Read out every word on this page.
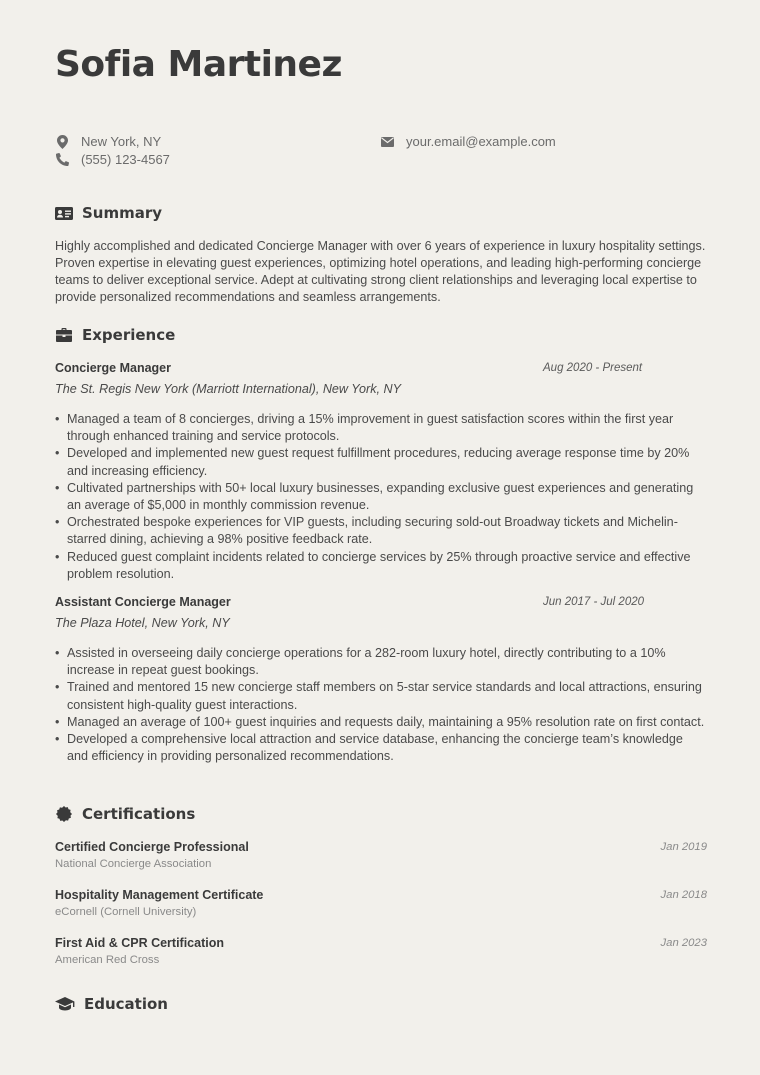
Sofia Martinez
New York, NY
(555) 123-4567
your.email@example.com
Summary

Highly accomplished and dedicated Concierge Manager with over 6 years of experience in luxury hospitality settings. Proven expertise in elevating guest experiences, optimizing hotel operations, and leading high-performing concierge teams to deliver exceptional service. Adept at cultivating strong client relationships and leveraging local expertise to provide personalized recommendations and seamless arrangements.

Experience
Concierge Manager	Aug 2020 - Present
The St. Regis New York (Marriott International), New York, NY
• Managed a team of 8 concierges, driving a 15% improvement in guest satisfaction scores within the first year through enhanced training and service protocols.
• Developed and implemented new guest request fulfillment procedures, reducing average response time by 20% and increasing efficiency.
• Cultivated partnerships with 50+ local luxury businesses, expanding exclusive guest experiences and generating an average of $5,000 in monthly commission revenue.
• Orchestrated bespoke experiences for VIP guests, including securing sold-out Broadway tickets and Michelin-starred dining, achieving a 98% positive feedback rate.
• Reduced guest complaint incidents related to concierge services by 25% through proactive service and effective problem resolution.
Assistant Concierge Manager	Jun 2017 - Jul 2020
The Plaza Hotel, New York, NY
• Assisted in overseeing daily concierge operations for a 282-room luxury hotel, directly contributing to a 10% increase in repeat guest bookings.
• Trained and mentored 15 new concierge staff members on 5-star service standards and local attractions, ensuring consistent high-quality guest interactions.
• Managed an average of 100+ guest inquiries and requests daily, maintaining a 95% resolution rate on first contact.
• Developed a comprehensive local attraction and service database, enhancing the concierge team’s knowledge and efficiency in providing personalized recommendations.
Certifications
Certified Concierge Professional
National Concierge Association
Jan 2019
Hospitality Management Certificate
eCornell (Cornell University)
Jan 2018
First Aid & CPR Certification
American Red Cross
Jan 2023
Education
